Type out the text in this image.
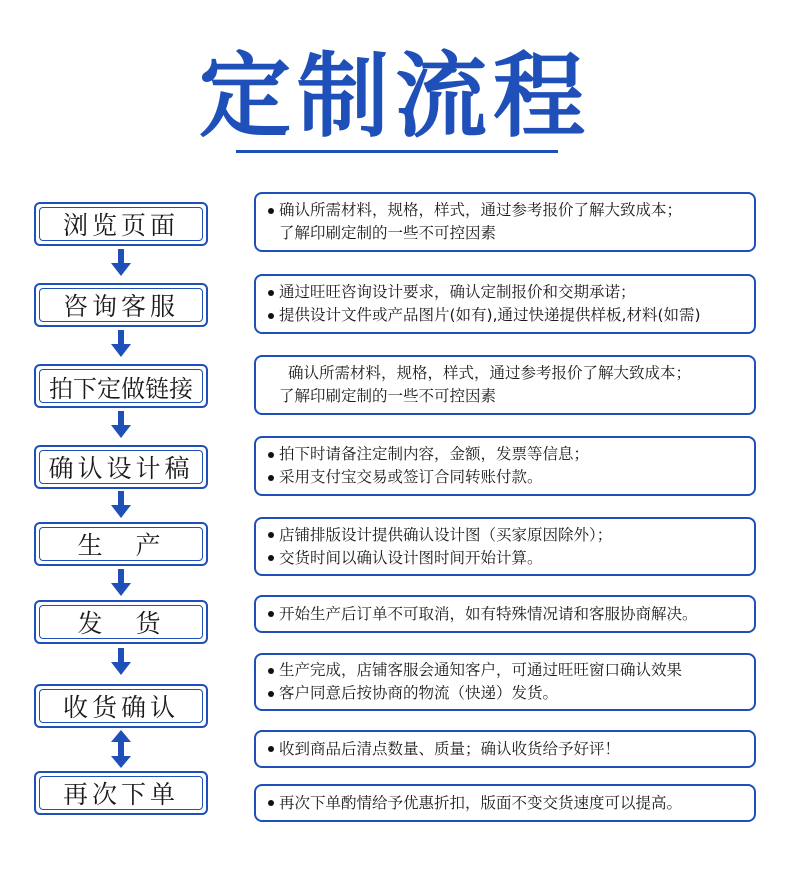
定制流程
浏览页面
咨询客服
拍下定做链接
确认设计稿
生　产
发　货
收货确认
再次下单
确认所需材料，规格，样式，通过参考报价了解大致成本；
了解印刷定制的一些不可控因素
通过旺旺咨询设计要求，确认定制报价和交期承诺；
提供设计文件或产品图片(如有),通过快递提供样板,材料(如需)
确认所需材料，规格，样式，通过参考报价了解大致成本；
了解印刷定制的一些不可控因素
拍下时请备注定制内容，金额，发票等信息；
采用支付宝交易或签订合同转账付款。
店铺排版设计提供确认设计图（买家原因除外）；
交货时间以确认设计图时间开始计算。
开始生产后订单不可取消，如有特殊情况请和客服协商解决。
生产完成，店铺客服会通知客户，可通过旺旺窗口确认效果
客户同意后按协商的物流（快递）发货。
收到商品后清点数量、质量；确认收货给予好评！
再次下单酌情给予优惠折扣，版面不变交货速度可以提高。
